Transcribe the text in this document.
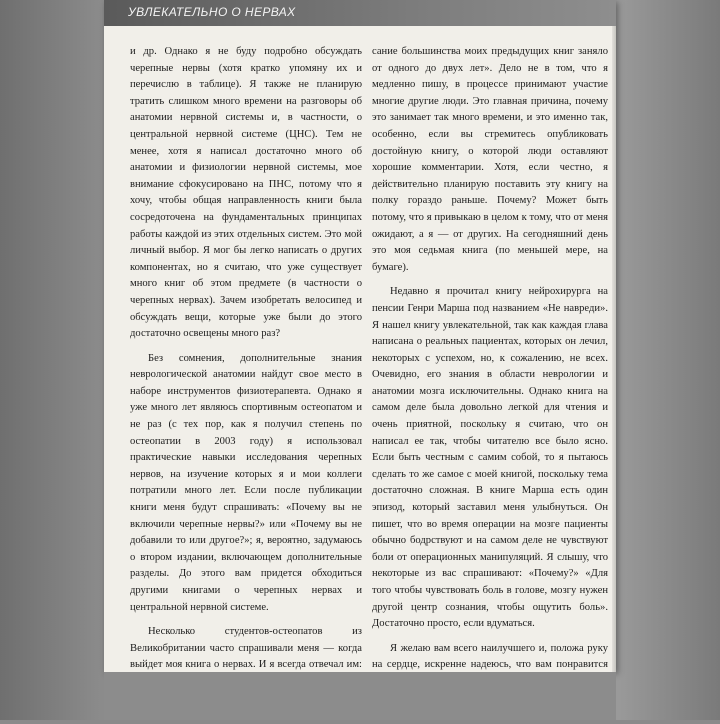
УВЛЕКАТЕЛЬНО О НЕРВАХ

и др. Однако я не буду подробно обсуждать черепные нервы (хотя кратко упомяну их и перечислю в таблице). Я также не планирую тратить слишком много времени на разговоры об анатомии нервной системы и, в частности, о центральной нервной системе (ЦНС). Тем не менее, хотя я написал достаточно много об анатомии и физиологии нервной системы, мое внимание сфокусировано на ПНС, потому что я хочу, чтобы общая направленность книги была сосредоточена на фундаментальных принципах работы каждой из этих отдельных систем. Это мой личный выбор. Я мог бы легко написать о других компонентах, но я считаю, что уже существует много книг об этом предмете (в частности о черепных нервах). Зачем изобретать велосипед и обсуждать вещи, которые уже были до этого достаточно освещены много раз?

Без сомнения, дополнительные знания неврологической анатомии найдут свое место в наборе инструментов физиотерапевта. Однако я уже много лет являюсь спортивным остеопатом и не раз (с тех пор, как я получил степень по остеопатии в 2003 году) я использовал практические навыки исследования черепных нервов, на изучение которых я и мои коллеги потратили много лет. Если после публикации книги меня будут спрашивать: «Почему вы не включили черепные нервы?» или «Почему вы не добавили то или другое?»; я, вероятно, задумаюсь о втором издании, включающем дополнительные разделы. До этого вам придется обходиться другими книгами о черепных нервах и центральной нервной системе.

Несколько студентов-остеопатов из Великобритании часто спрашивали меня — когда выйдет моя книга о нервах. И я всегда отвечал им:

сание большинства моих предыдущих книг заняло от одного до двух лет». Дело не в том, что я медленно пишу, в процессе принимают участие многие другие люди. Это главная причина, почему это занимает так много времени, и это именно так, особенно, если вы стремитесь опубликовать достойную книгу, о которой люди оставляют хорошие комментарии. Хотя, если честно, я действительно планирую поставить эту книгу на полку гораздо раньше. Почему? Может быть потому, что я привыкаю в целом к тому, что от меня ожидают, а я — от других. На сегодняшний день это моя седьмая книга (по меньшей мере, на бумаге).

Недавно я прочитал книгу нейрохирурга на пенсии Генри Марша под названием «Не навреди». Я нашел книгу увлекательной, так как каждая глава написана о реальных пациентах, которых он лечил, некоторых с успехом, но, к сожалению, не всех. Очевидно, его знания в области неврологии и анатомии мозга исключительны. Однако книга на самом деле была довольно легкой для чтения и очень приятной, поскольку я считаю, что он написал ее так, чтобы читателю все было ясно. Если быть честным с самим собой, то я пытаюсь сделать то же самое с моей книгой, поскольку тема достаточно сложная. В книге Марша есть один эпизод, который заставил меня улыбнуться. Он пишет, что во время операции на мозге пациенты обычно бодрствуют и на самом деле не чувствуют боли от операционных манипуляций. Я слышу, что некоторые из вас спрашивают: «Почему?» «Для того чтобы чувствовать боль в голове, мозгу нужен другой центр сознания, чтобы ощутить боль». Достаточно просто, если вдуматься.

Я желаю вам всего наилучшего и, положа руку на сердце, искренне надеюсь, что вам понравится
